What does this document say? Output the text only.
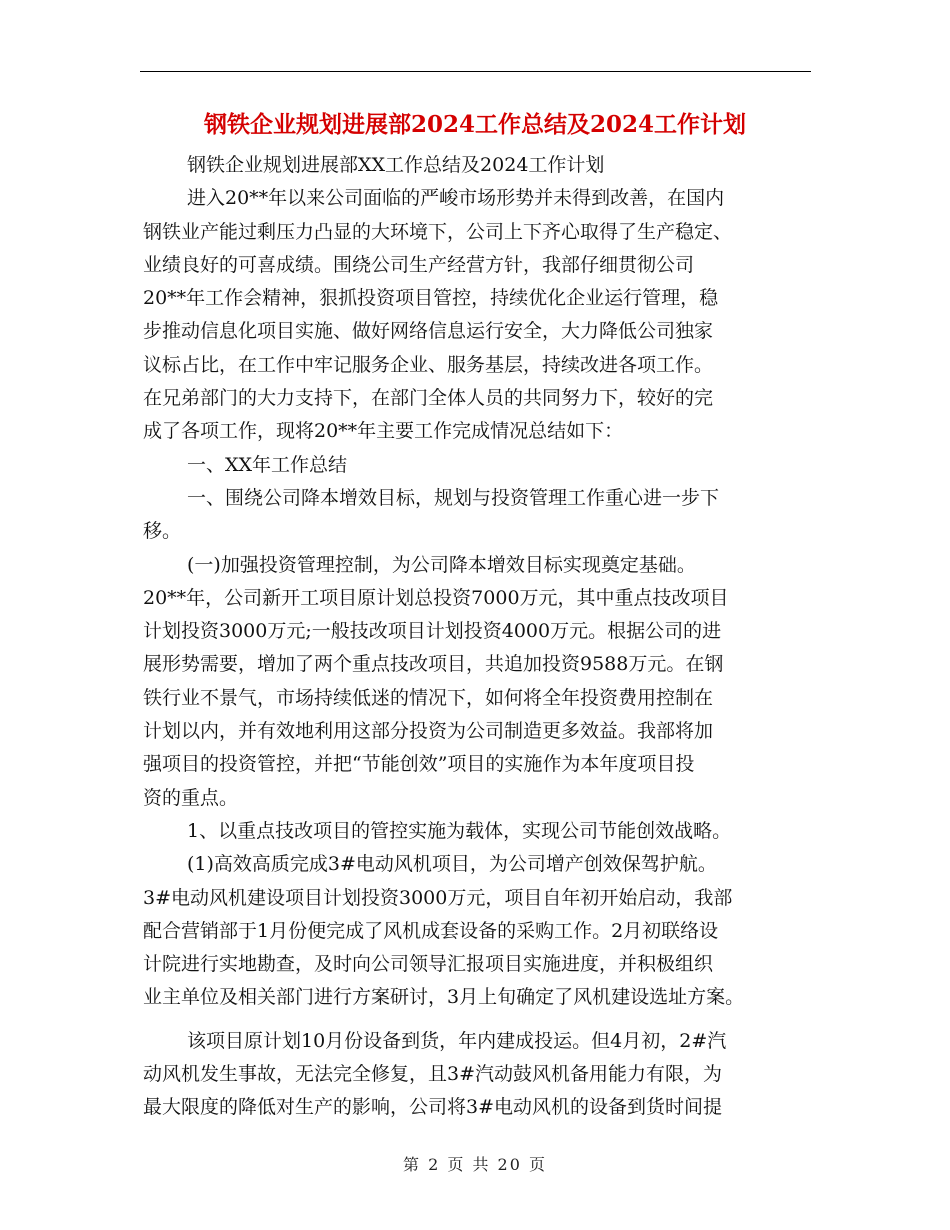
钢铁企业规划进展部2024工作总结及2024工作计划
钢铁企业规划进展部XX工作总结及2024工作计划
进入20**年以来公司面临的严峻市场形势并未得到改善，在国内
钢铁业产能过剩压力凸显的大环境下，公司上下齐心取得了生产稳定、
业绩良好的可喜成绩。围绕公司生产经营方针，我部仔细贯彻公司
20**年工作会精神，狠抓投资项目管控，持续优化企业运行管理，稳
步推动信息化项目实施、做好网络信息运行安全，大力降低公司独家
议标占比，在工作中牢记服务企业、服务基层，持续改进各项工作。
在兄弟部门的大力支持下，在部门全体人员的共同努力下，较好的完
成了各项工作，现将20**年主要工作完成情况总结如下：
一、XX年工作总结
一、围绕公司降本增效目标，规划与投资管理工作重心进一步下
移。
(一)加强投资管理控制，为公司降本增效目标实现奠定基础。
20**年，公司新开工项目原计划总投资7000万元，其中重点技改项目
计划投资3000万元;一般技改项目计划投资4000万元。根据公司的进
展形势需要，增加了两个重点技改项目，共追加投资9588万元。在钢
铁行业不景气，市场持续低迷的情况下，如何将全年投资费用控制在
计划以内，并有效地利用这部分投资为公司制造更多效益。我部将加
强项目的投资管控，并把“节能创效”项目的实施作为本年度项目投
资的重点。
1、以重点技改项目的管控实施为载体，实现公司节能创效战略。
(1)高效高质完成3#电动风机项目，为公司增产创效保驾护航。
3#电动风机建设项目计划投资3000万元，项目自年初开始启动，我部
配合营销部于1月份便完成了风机成套设备的采购工作。2月初联络设
计院进行实地勘查，及时向公司领导汇报项目实施进度，并积极组织
业主单位及相关部门进行方案研讨，3月上旬确定了风机建设选址方案。
该项目原计划10月份设备到货，年内建成投运。但4月初，2#汽
动风机发生事故，无法完全修复，且3#汽动鼓风机备用能力有限，为
最大限度的降低对生产的影响，公司将3#电动风机的设备到货时间提
第 2 页 共 20 页
